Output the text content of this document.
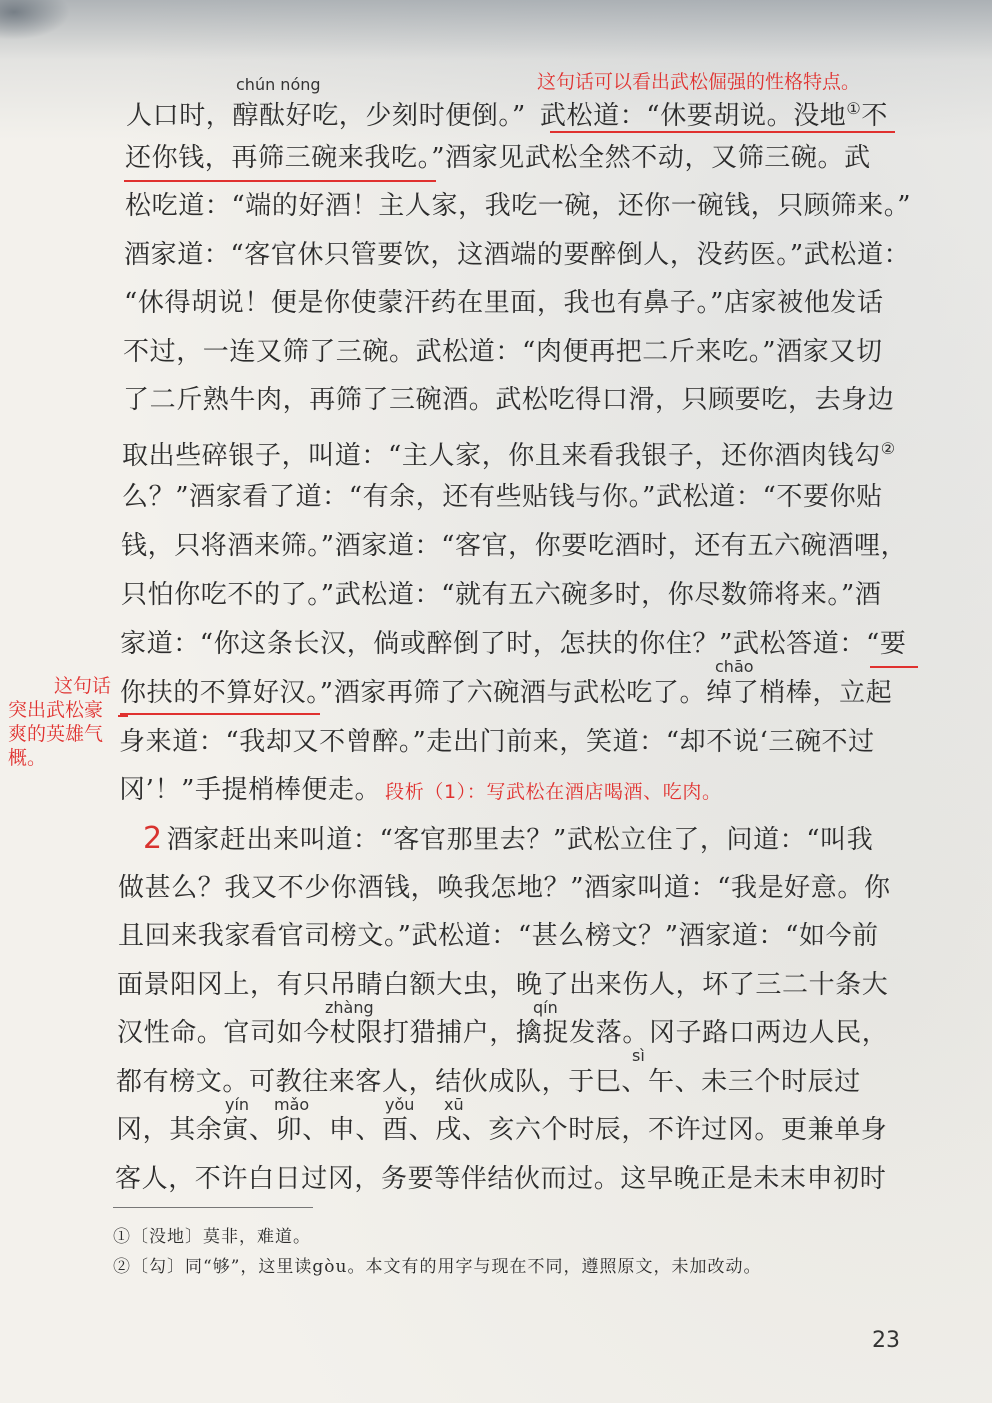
这句话可以看出武松倔强的性格特点。
这句话
突出武松豪
爽的英雄气
概。
chún nóng
chāo
zhàng	qín
sì
yín mǎo	yǒu xū
人口时，醇酞好吃，少刻时便倒。” 武松道：“休要胡说。没地①不
还你钱，再筛三碗来我吃。”酒家见武松全然不动，又筛三碗。武
松吃道：“端的好酒！主人家，我吃一碗，还你一碗钱，只顾筛来。”
酒家道：“客官休只管要饮，这酒端的要醉倒人，没药医。”武松道：
“休得胡说！便是你使蒙汗药在里面，我也有鼻子。”店家被他发话
不过，一连又筛了三碗。武松道：“肉便再把二斤来吃。”酒家又切
了二斤熟牛肉，再筛了三碗酒。武松吃得口滑，只顾要吃，去身边
取出些碎银子，叫道：“主人家，你且来看我银子，还你酒肉钱勾②
么？”酒家看了道：“有余，还有些贴钱与你。”武松道：“不要你贴
钱，只将酒来筛。”酒家道：“客官，你要吃酒时，还有五六碗酒哩，
只怕你吃不的了。”武松道：“就有五六碗多时，你尽数筛将来。”酒
家道：“你这条长汉，倘或醉倒了时，怎扶的你住？”武松答道：“要
你扶的不算好汉。”酒家再筛了六碗酒与武松吃了。绰了梢棒，立起
身来道：“我却又不曾醉。”走出门前来，笑道：“却不说‘三碗不过
冈’！”手提梢棒便走。 段析（1）：写武松在酒店喝酒、吃肉。
2 酒家赶出来叫道：“客官那里去？”武松立住了，问道：“叫我
做甚么？我又不少你酒钱，唤我怎地？”酒家叫道：“我是好意。你
且回来我家看官司榜文。”武松道：“甚么榜文？”酒家道：“如今前
面景阳冈上，有只吊睛白额大虫，晚了出来伤人，坏了三二十条大
汉性命。官司如今杖限打猎捕户，擒捉发落。冈子路口两边人民，
都有榜文。可教往来客人，结伙成队，于巳、午、未三个时辰过
冈，其余寅、卯、申、酉、戌、亥六个时辰，不许过冈。更兼单身
客人，不许白日过冈，务要等伴结伙而过。这早晚正是未末申初时
①〔没地〕莫非，难道。
②〔勾〕同“够”，这里读gòu。本文有的用字与现在不同，遵照原文，未加改动。
23
